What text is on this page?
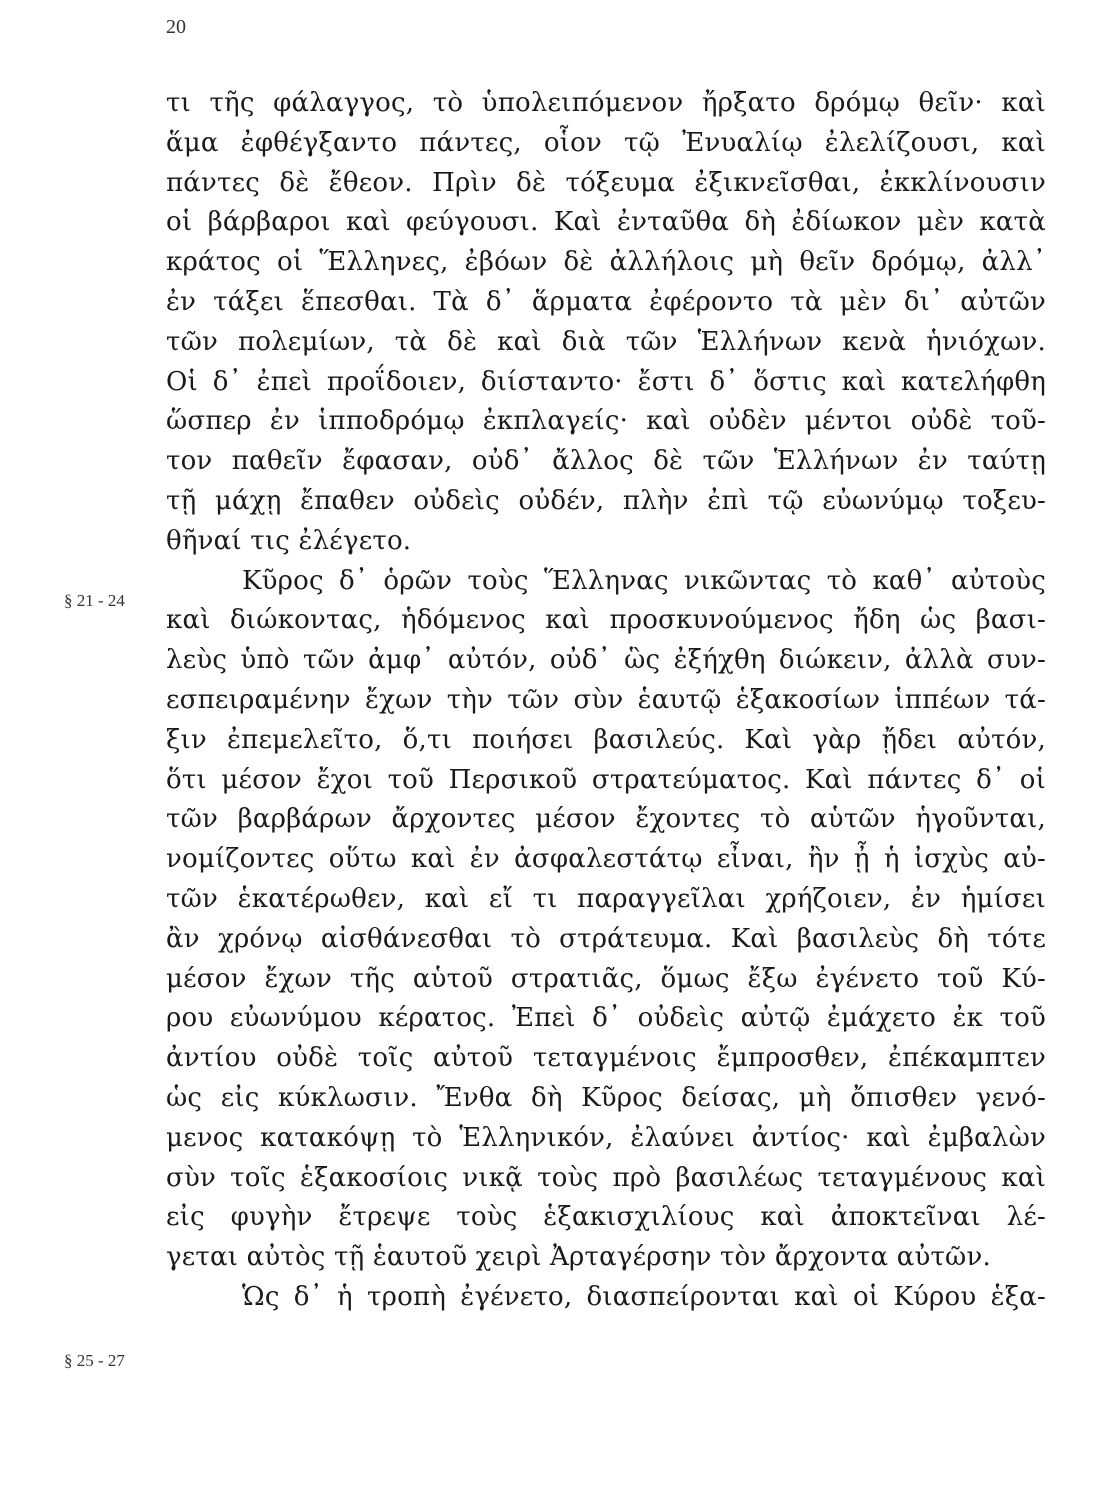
20
§ 21 - 24
§ 25 - 27
τι τῆς φάλαγγος, τὸ ὑπολειπόμενον ἤρξατο δρόμῳ θεῖν· καὶ
ἅμα ἐφθέγξαντο πάντες, οἷον τῷ Ἐνυαλίῳ ἐλελίζουσι, καὶ
πάντες δὲ ἔθεον. Πρὶν δὲ τόξευμα ἐξικνεῖσθαι, ἐκκλίνουσιν
οἱ βάρβαροι καὶ φεύγουσι. Καὶ ἐνταῦθα δὴ ἐδίωκον μὲν κατὰ
κράτος οἱ Ἕλληνες, ἐβόων δὲ ἀλλήλοις μὴ θεῖν δρόμῳ, ἀλλ᾽
ἐν τάξει ἕπεσθαι. Τὰ δ᾽ ἅρματα ἐφέροντο τὰ μὲν δι᾽ αὐτῶν
τῶν πολεμίων, τὰ δὲ καὶ διὰ τῶν Ἑλλήνων κενὰ ἡνιόχων.
Οἱ δ᾽ ἐπεὶ προΐδοιεν, διίσταντο· ἔστι δ᾽ ὅστις καὶ κατελήφθη
ὥσπερ ἐν ἱπποδρόμῳ ἐκπλαγείς· καὶ οὐδὲν μέντοι οὐδὲ τοῦ-
τον παθεῖν ἔφασαν, οὐδ᾽ ἄλλος δὲ τῶν Ἑλλήνων ἐν ταύτῃ
τῇ μάχῃ ἔπαθεν οὐδεὶς οὐδέν, πλὴν ἐπὶ τῷ εὐωνύμῳ τοξευ-
θῆναί τις ἐλέγετο.
Κῦρος δ᾽ ὁρῶν τοὺς Ἕλληνας νικῶντας τὸ καθ᾽ αὐτοὺς
καὶ διώκοντας, ἡδόμενος καὶ προσκυνούμενος ἤδη ὡς βασι-
λεὺς ὑπὸ τῶν ἀμφ᾽ αὐτόν, οὐδ᾽ ὣς ἐξήχθη διώκειν, ἀλλὰ συν-
εσπειραμένην ἔχων τὴν τῶν σὺν ἑαυτῷ ἑξακοσίων ἱππέων τά-
ξιν ἐπεμελεῖτο, ὅ,τι ποιήσει βασιλεύς. Καὶ γὰρ ᾔδει αὐτόν,
ὅτι μέσον ἔχοι τοῦ Περσικοῦ στρατεύματος. Καὶ πάντες δ᾽ οἱ
τῶν βαρβάρων ἄρχοντες μέσον ἔχοντες τὸ αὑτῶν ἡγοῦνται,
νομίζοντες οὕτω καὶ ἐν ἀσφαλεστάτῳ εἶναι, ἢν ᾖ ἡ ἰσχὺς αὐ-
τῶν ἑκατέρωθεν, καὶ εἴ τι παραγγεῖλαι χρήζοιεν, ἐν ἡμίσει
ἂν χρόνῳ αἰσθάνεσθαι τὸ στράτευμα. Καὶ βασιλεὺς δὴ τότε
μέσον ἔχων τῆς αὑτοῦ στρατιᾶς, ὅμως ἔξω ἐγένετο τοῦ Κύ-
ρου εὐωνύμου κέρατος. Ἐπεὶ δ᾽ οὐδεὶς αὐτῷ ἐμάχετο ἐκ τοῦ
ἀντίου οὐδὲ τοῖς αὐτοῦ τεταγμένοις ἔμπροσθεν, ἐπέκαμπτεν
ὡς εἰς κύκλωσιν. Ἔνθα δὴ Κῦρος δείσας, μὴ ὄπισθεν γενό-
μενος κατακόψῃ τὸ Ἑλληνικόν, ἐλαύνει ἀντίος· καὶ ἐμβαλὼν
σὺν τοῖς ἑξακοσίοις νικᾷ τοὺς πρὸ βασιλέως τεταγμένους καὶ
εἰς φυγὴν ἔτρεψε τοὺς ἑξακισχιλίους καὶ ἀποκτεῖναι λέ-
γεται αὐτὸς τῇ ἑαυτοῦ χειρὶ Ἀρταγέρσην τὸν ἄρχοντα αὐτῶν.
Ὡς δ᾽ ἡ τροπὴ ἐγένετο, διασπείρονται καὶ οἱ Κύρου ἑξα-
